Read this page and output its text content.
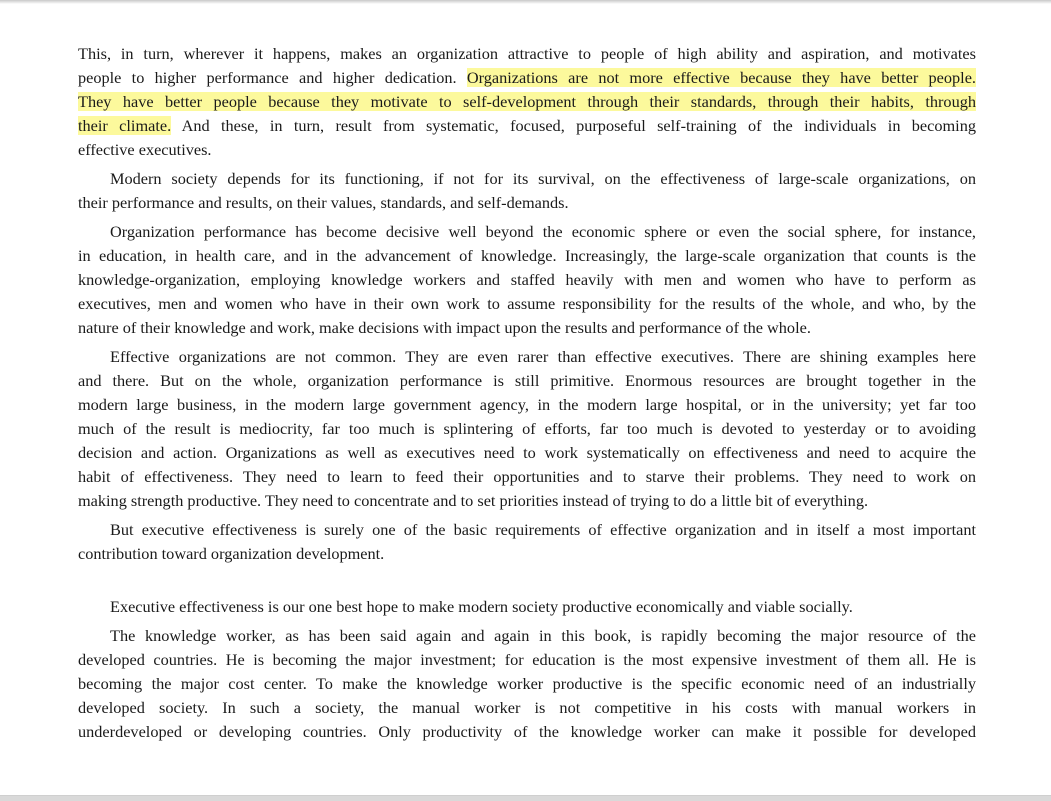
This, in turn, wherever it happens, makes an organization attractive to people of high ability and aspiration, and motivates
people to higher performance and higher dedication. Organizations are not more effective because they have better people.
They have better people because they motivate to self-development through their standards, through their habits, through
their climate. And these, in turn, result from systematic, focused, purposeful self-training of the individuals in becoming
effective executives.
Modern society depends for its functioning, if not for its survival, on the effectiveness of large-scale organizations, on
their performance and results, on their values, standards, and self-demands.
Organization performance has become decisive well beyond the economic sphere or even the social sphere, for instance,
in education, in health care, and in the advancement of knowledge. Increasingly, the large-scale organization that counts is the
knowledge-organization, employing knowledge workers and staffed heavily with men and women who have to perform as
executives, men and women who have in their own work to assume responsibility for the results of the whole, and who, by the
nature of their knowledge and work, make decisions with impact upon the results and performance of the whole.
Effective organizations are not common. They are even rarer than effective executives. There are shining examples here
and there. But on the whole, organization performance is still primitive. Enormous resources are brought together in the
modern large business, in the modern large government agency, in the modern large hospital, or in the university; yet far too
much of the result is mediocrity, far too much is splintering of efforts, far too much is devoted to yesterday or to avoiding
decision and action. Organizations as well as executives need to work systematically on effectiveness and need to acquire the
habit of effectiveness. They need to learn to feed their opportunities and to starve their problems. They need to work on
making strength productive. They need to concentrate and to set priorities instead of trying to do a little bit of everything.
But executive effectiveness is surely one of the basic requirements of effective organization and in itself a most important
contribution toward organization development.
Executive effectiveness is our one best hope to make modern society productive economically and viable socially.
The knowledge worker, as has been said again and again in this book, is rapidly becoming the major resource of the
developed countries. He is becoming the major investment; for education is the most expensive investment of them all. He is
becoming the major cost center. To make the knowledge worker productive is the specific economic need of an industrially
developed society. In such a society, the manual worker is not competitive in his costs with manual workers in
underdeveloped or developing countries. Only productivity of the knowledge worker can make it possible for developed
